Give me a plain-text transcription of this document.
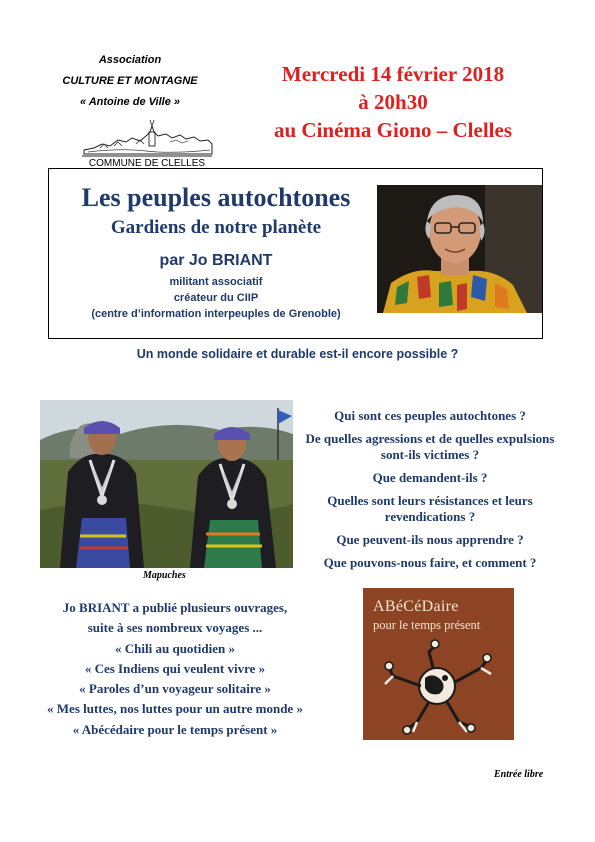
Association
CULTURE ET MONTAGNE
« Antoine de Ville »
COMMUNE DE CLELLES
Mercredi 14 février 2018
à 20h30
au Cinéma Giono – Clelles
Les peuples autochtones
Gardiens de notre planète
par Jo BRIANT
militant associatif
créateur du CIIP
(centre d’information interpeuples de Grenoble)
Un monde solidaire et durable est-il encore possible ?
Mapuches
Qui sont ces peuples autochtones ?
De quelles agressions et de quelles expulsions sont-ils victimes ?
Que demandent-ils ?
Quelles sont leurs résistances et leurs revendications ?
Que peuvent-ils nous apprendre ?
Que pouvons-nous faire, et comment ?
Jo BRIANT a publié plusieurs ouvrages,
suite à ses nombreux voyages ...
« Chili au quotidien »
« Ces Indiens qui veulent vivre »
« Paroles d’un voyageur solitaire »
« Mes luttes, nos luttes pour un autre monde »
« Abécédaire pour le temps présent »
ABéCéDaire
pour le temps présent
Entrée libre
